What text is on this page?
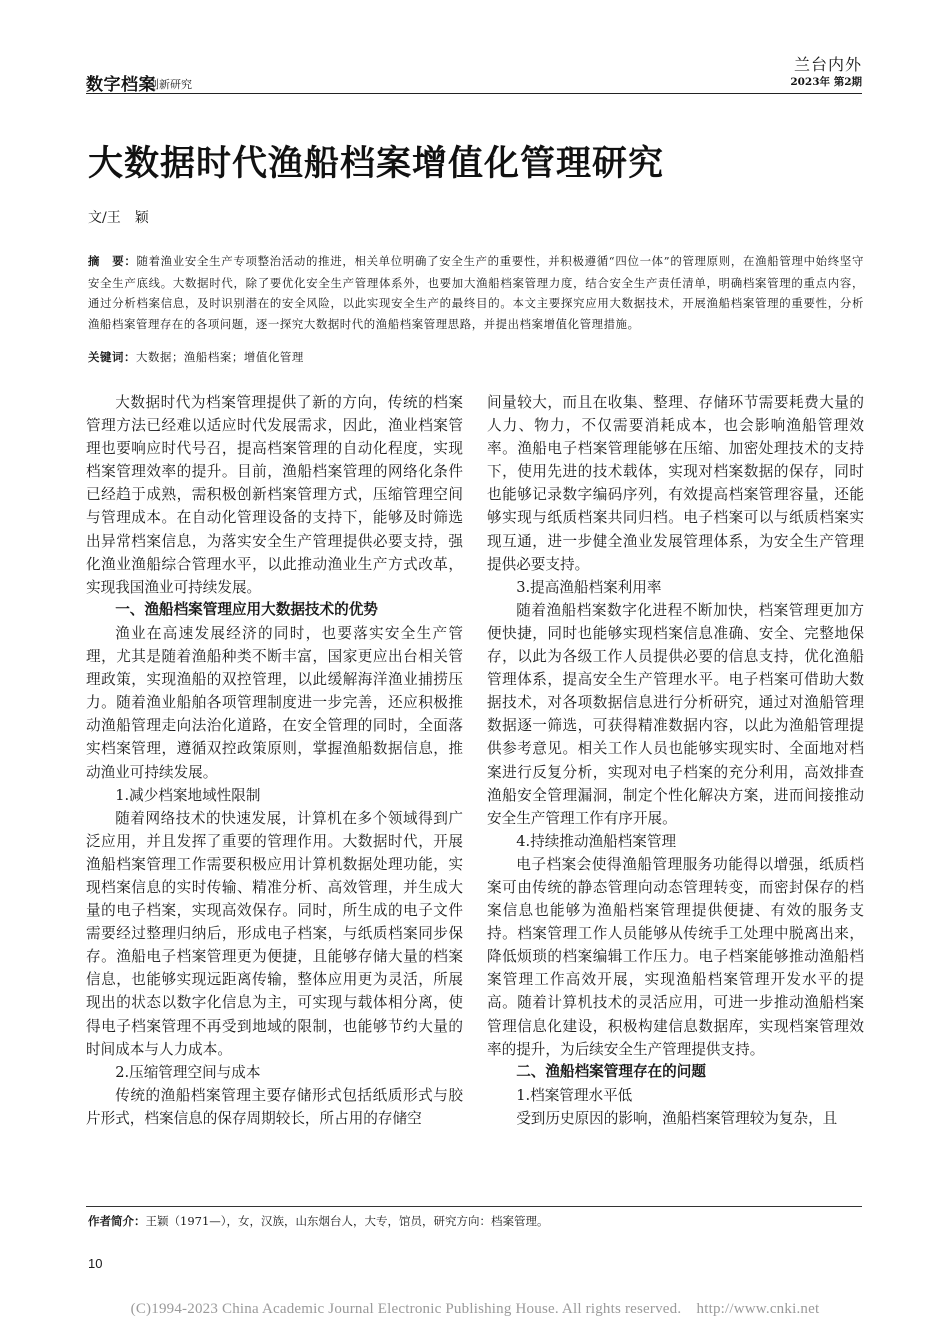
数字档案
创新研究
兰台内外
2023年 第2期
大数据时代渔船档案增值化管理研究
文/王　颖
摘　要：随着渔业安全生产专项整治活动的推进，相关单位明确了安全生产的重要性，并积极遵循“四位一体”的管理原则，在渔船管理中始终坚守安全生产底线。大数据时代，除了要优化安全生产管理体系外，也要加大渔船档案管理力度，结合安全生产责任清单，明确档案管理的重点内容，通过分析档案信息，及时识别潜在的安全风险，以此实现安全生产的最终目的。本文主要探究应用大数据技术，开展渔船档案管理的重要性，分析渔船档案管理存在的各项问题，逐一探究大数据时代的渔船档案管理思路，并提出档案增值化管理措施。
关键词：大数据；渔船档案；增值化管理

大数据时代为档案管理提供了新的方向，传统的档案管理方法已经难以适应时代发展需求，因此，渔业档案管理也要响应时代号召，提高档案管理的自动化程度，实现档案管理效率的提升。目前，渔船档案管理的网络化条件已经趋于成熟，需积极创新档案管理方式，压缩管理空间与管理成本。在自动化管理设备的支持下，能够及时筛选出异常档案信息，为落实安全生产管理提供必要支持，强化渔业渔船综合管理水平，以此推动渔业生产方式改革，实现我国渔业可持续发展。

一、渔船档案管理应用大数据技术的优势

渔业在高速发展经济的同时，也要落实安全生产管理，尤其是随着渔船种类不断丰富，国家更应出台相关管理政策，实现渔船的双控管理，以此缓解海洋渔业捕捞压力。随着渔业船舶各项管理制度进一步完善，还应积极推动渔船管理走向法治化道路，在安全管理的同时，全面落实档案管理，遵循双控政策原则，掌握渔船数据信息，推动渔业可持续发展。

1.减少档案地域性限制

随着网络技术的快速发展，计算机在多个领域得到广泛应用，并且发挥了重要的管理作用。大数据时代，开展渔船档案管理工作需要积极应用计算机数据处理功能，实现档案信息的实时传输、精准分析、高效管理，并生成大量的电子档案，实现高效保存。同时，所生成的电子文件需要经过整理归纳后，形成电子档案，与纸质档案同步保存。渔船电子档案管理更为便捷，且能够存储大量的档案信息，也能够实现远距离传输，整体应用更为灵活，所展现出的状态以数字化信息为主，可实现与载体相分离，使得电子档案管理不再受到地域的限制，也能够节约大量的时间成本与人力成本。

2.压缩管理空间与成本

传统的渔船档案管理主要存储形式包括纸质形式与胶片形式，档案信息的保存周期较长，所占用的存储空

间量较大，而且在收集、整理、存储环节需要耗费大量的人力、物力，不仅需要消耗成本，也会影响渔船管理效率。渔船电子档案管理能够在压缩、加密处理技术的支持下，使用先进的技术载体，实现对档案数据的保存，同时也能够记录数字编码序列，有效提高档案管理容量，还能够实现与纸质档案共同归档。电子档案可以与纸质档案实现互通，进一步健全渔业发展管理体系，为安全生产管理提供必要支持。

3.提高渔船档案利用率

随着渔船档案数字化进程不断加快，档案管理更加方便快捷，同时也能够实现档案信息准确、安全、完整地保存，以此为各级工作人员提供必要的信息支持，优化渔船管理体系，提高安全生产管理水平。电子档案可借助大数据技术，对各项数据信息进行分析研究，通过对渔船管理数据逐一筛选，可获得精准数据内容，以此为渔船管理提供参考意见。相关工作人员也能够实现实时、全面地对档案进行反复分析，实现对电子档案的充分利用，高效排查渔船安全管理漏洞，制定个性化解决方案，进而间接推动安全生产管理工作有序开展。

4.持续推动渔船档案管理

电子档案会使得渔船管理服务功能得以增强，纸质档案可由传统的静态管理向动态管理转变，而密封保存的档案信息也能够为渔船档案管理提供便捷、有效的服务支持。档案管理工作人员能够从传统手工处理中脱离出来，降低烦琐的档案编辑工作压力。电子档案能够推动渔船档案管理工作高效开展，实现渔船档案管理开发水平的提高。随着计算机技术的灵活应用，可进一步推动渔船档案管理信息化建设，积极构建信息数据库，实现档案管理效率的提升，为后续安全生产管理提供支持。

二、渔船档案管理存在的问题
1.档案管理水平低

受到历史原因的影响，渔船档案管理较为复杂，且

作者简介：王颖（1971—），女，汉族，山东烟台人，大专，馆员，研究方向：档案管理。
10
(C)1994-2023 China Academic Journal Electronic Publishing House. All rights reserved.　http://www.cnki.net
